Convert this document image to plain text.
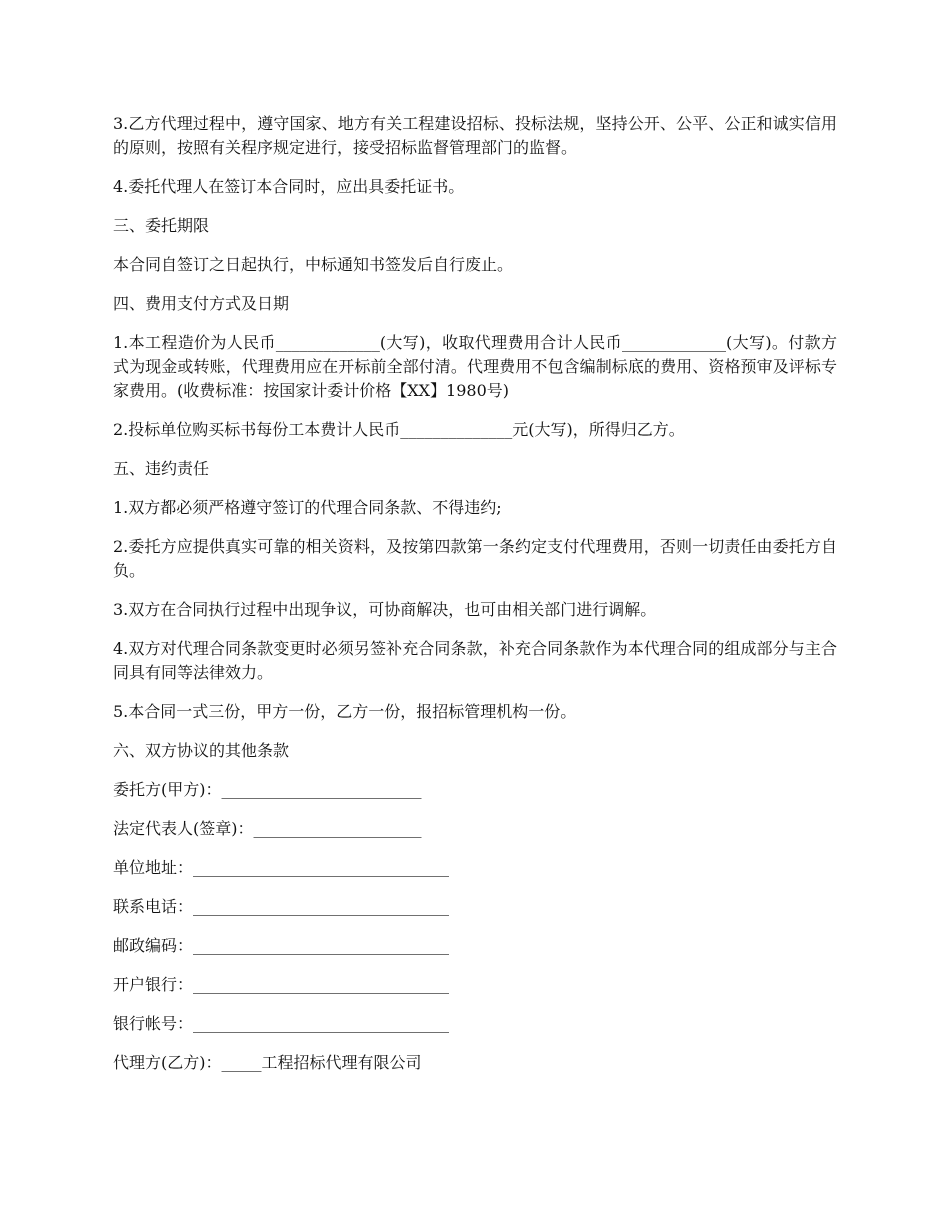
3.乙方代理过程中，遵守国家、地方有关工程建设招标、投标法规，坚持公开、公平、公正和诚实信用的原则，按照有关程序规定进行，接受招标监督管理部门的监督。

4.委托代理人在签订本合同时，应出具委托证书。

三、委托期限

本合同自签订之日起执行，中标通知书签发后自行废止。

四、费用支付方式及日期

1.本工程造价为人民币_____________(大写)，收取代理费用合计人民币_____________(大写)。付款方式为现金或转账，代理费用应在开标前全部付清。代理费用不包含编制标底的费用、资格预审及评标专家费用。(收费标准：按国家计委计价格【XX】1980号)

2.投标单位购买标书每份工本费计人民币______________元(大写)，所得归乙方。

五、违约责任

1.双方都必须严格遵守签订的代理合同条款、不得违约;

2.委托方应提供真实可靠的相关资料，及按第四款第一条约定支付代理费用，否则一切责任由委托方自负。

3.双方在合同执行过程中出现争议，可协商解决，也可由相关部门进行调解。

4.双方对代理合同条款变更时必须另签补充合同条款，补充合同条款作为本代理合同的组成部分与主合同具有同等法律效力。

5.本合同一式三份，甲方一份，乙方一份，报招标管理机构一份。

六、双方协议的其他条款

委托方(甲方)：_________________________
法定代表人(签章)：_____________________
单位地址：________________________________
联系电话：________________________________
邮政编码：________________________________
开户银行：________________________________
银行帐号：________________________________
代理方(乙方)：_____工程招标代理有限公司
